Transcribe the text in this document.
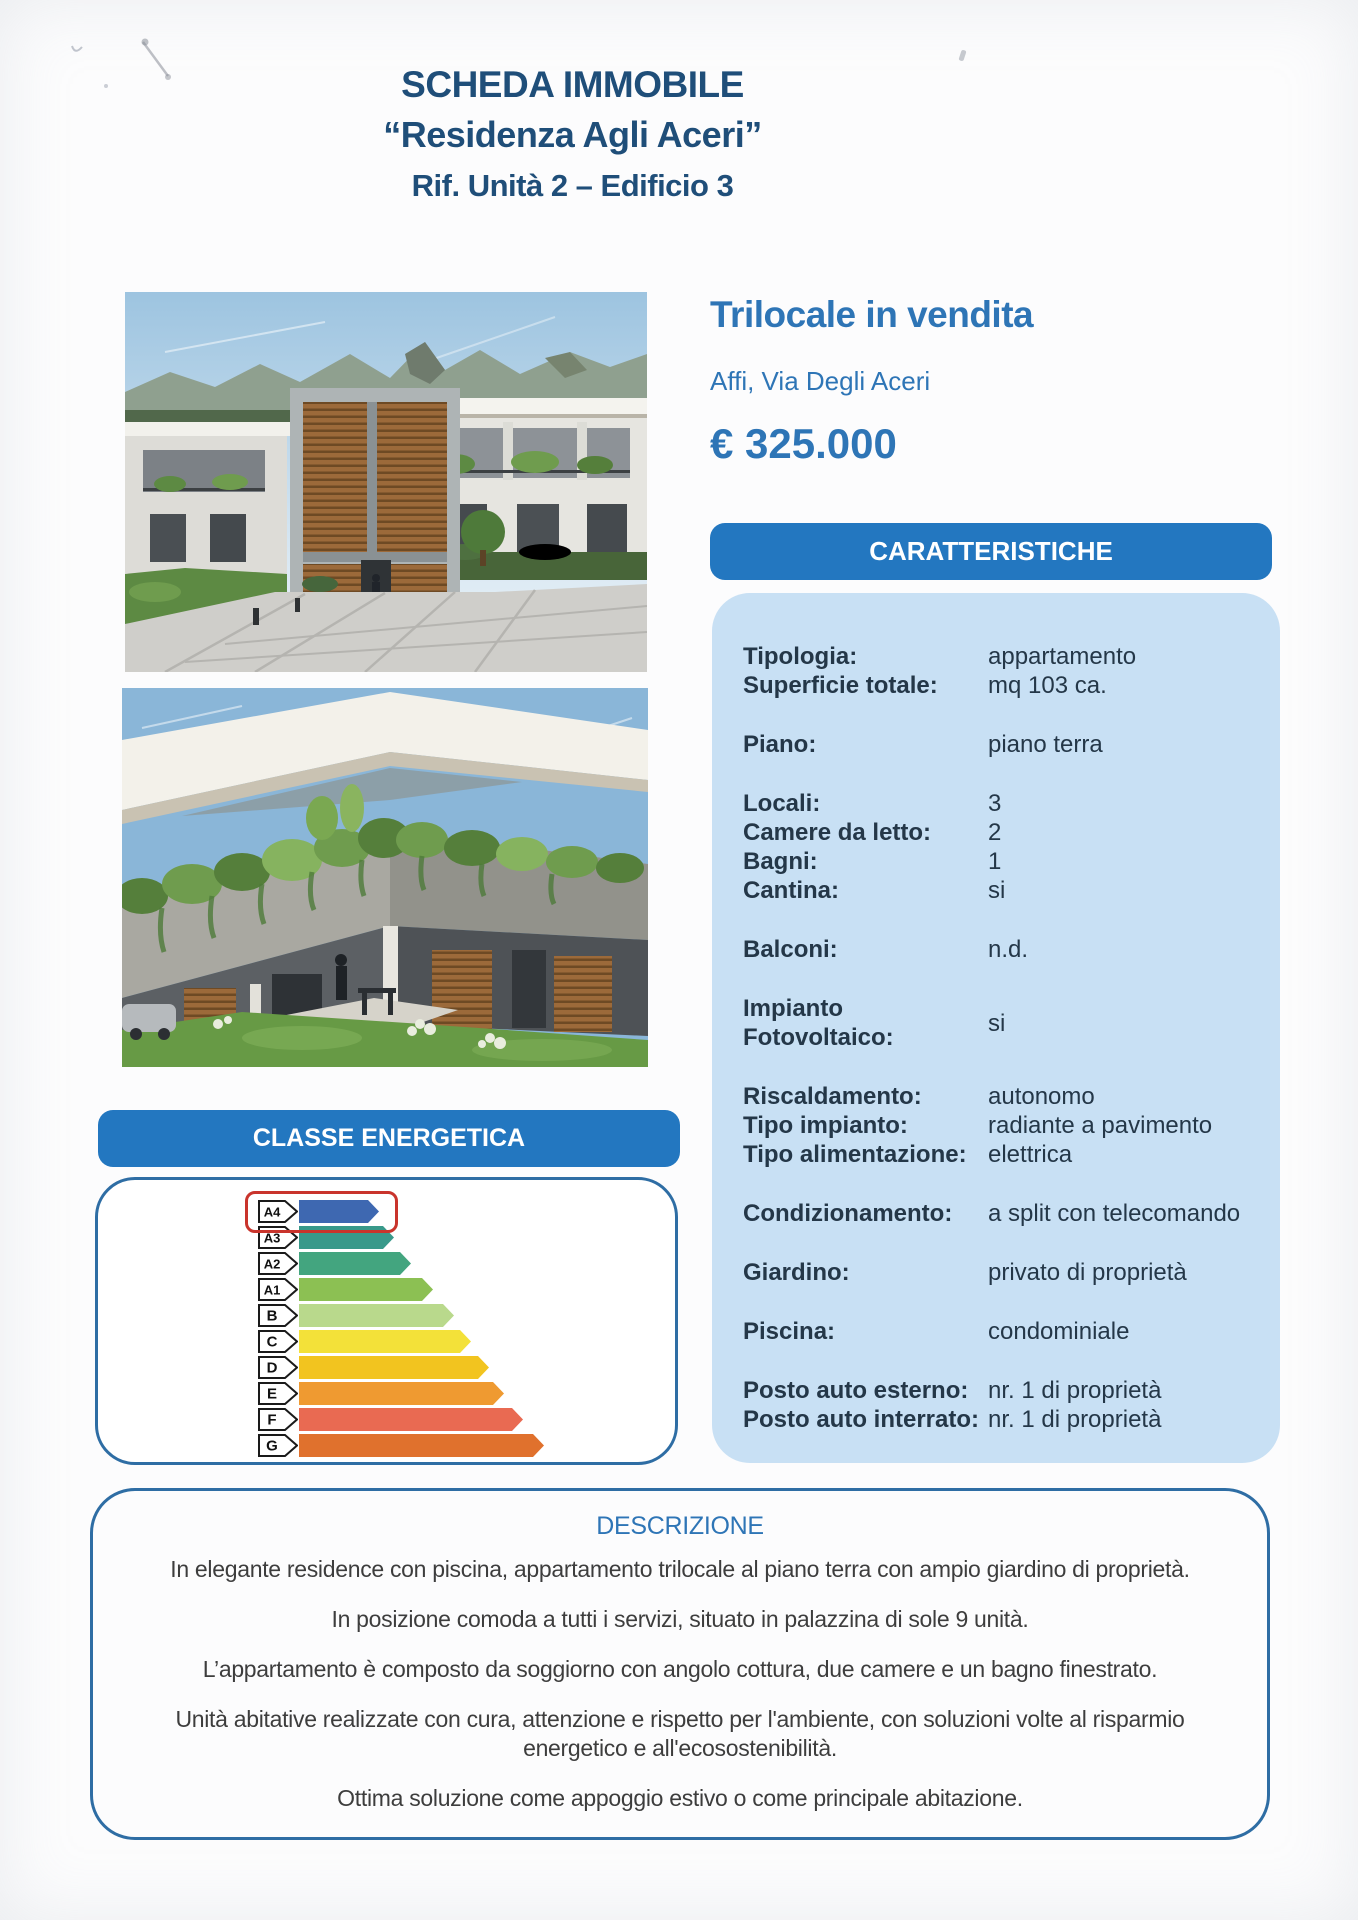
SCHEDA IMMOBILE
“Residenza Agli Aceri”
Rif. Unità 2 – Edificio 3
Trilocale in vendita
Affi, Via Degli Aceri
€ 325.000
CARATTERISTICHE
Tipologia:	appartamento
Superficie totale:	mq 103 ca.
Piano:	piano terra
Locali:	3
Camere da letto:	2
Bagni:	1
Cantina:	si
Balconi:	n.d.
Impianto Fotovoltaico:
si
Riscaldamento:	autonomo
Tipo impianto:	radiante a pavimento
Tipo alimentazione: elettrica
Condizionamento:	a split con telecomando
Giardino:	privato di proprietà
Piscina:	condominiale
Posto auto esterno: nr. 1 di proprietà
Posto auto interrato: nr. 1 di proprietà
CLASSE ENERGETICA
A4
A3
A2
A1
B
C
D
E
F
G
DESCRIZIONE

In elegante residence con piscina, appartamento trilocale al piano terra con ampio giardino di proprietà.

In posizione comoda a tutti i servizi, situato in palazzina di sole 9 unità.

L’appartamento è composto da soggiorno con angolo cottura, due camere e un bagno finestrato.

Unità abitative realizzate con cura, attenzione e rispetto per l'ambiente, con soluzioni volte al risparmio energetico e all'ecosostenibilità.

Ottima soluzione come appoggio estivo o come principale abitazione.
